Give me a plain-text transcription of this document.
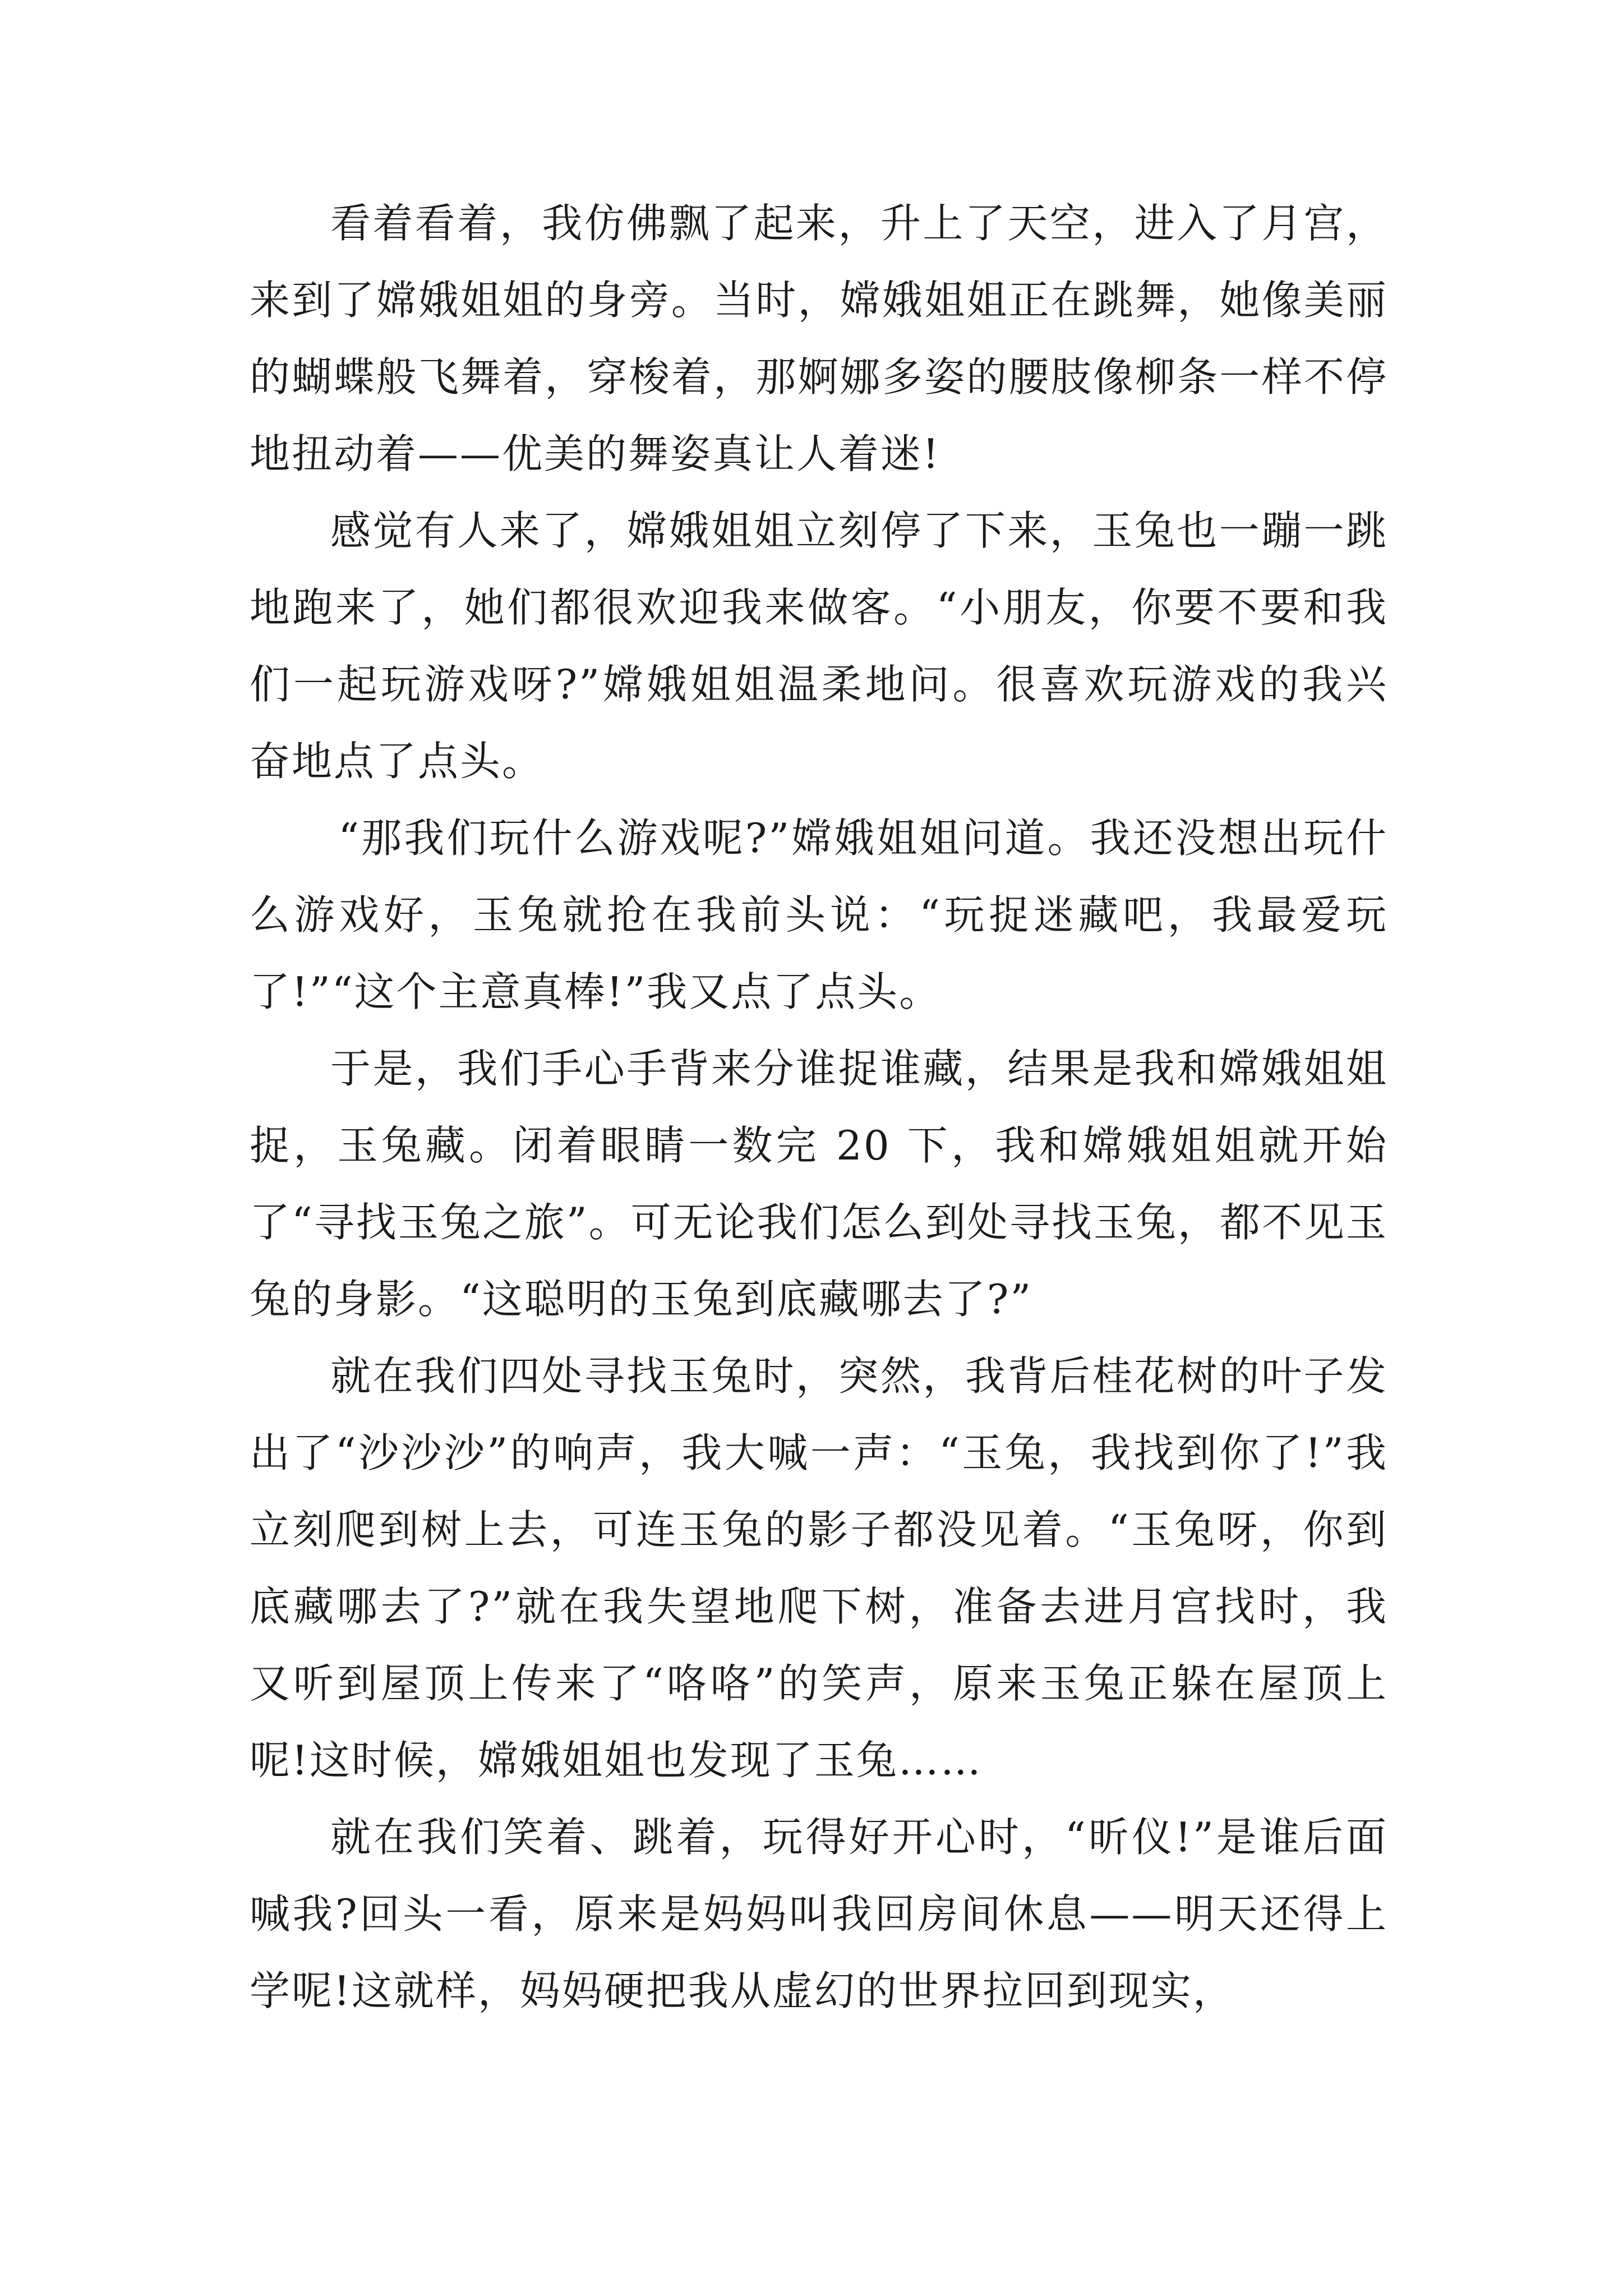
看着看着，我仿佛飘了起来，升上了天空，进入了月宫，来到了嫦娥姐姐的身旁。当时，嫦娥姐姐正在跳舞，她像美丽的蝴蝶般飞舞着，穿梭着，那婀娜多姿的腰肢像柳条一样不停地扭动着——优美的舞姿真让人着迷!

感觉有人来了，嫦娥姐姐立刻停了下来，玉兔也一蹦一跳地跑来了，她们都很欢迎我来做客。“小朋友，你要不要和我们一起玩游戏呀?”嫦娥姐姐温柔地问。很喜欢玩游戏的我兴奋地点了点头。

“那我们玩什么游戏呢?”嫦娥姐姐问道。我还没想出玩什么游戏好，玉兔就抢在我前头说：“玩捉迷藏吧，我最爱玩了!”“这个主意真棒!”我又点了点头。

于是，我们手心手背来分谁捉谁藏，结果是我和嫦娥姐姐捉，玉兔藏。闭着眼睛一数完 20 下，我和嫦娥姐姐就开始了“寻找玉兔之旅”。可无论我们怎么到处寻找玉兔，都不见玉兔的身影。“这聪明的玉兔到底藏哪去了?”

就在我们四处寻找玉兔时，突然，我背后桂花树的叶子发出了“沙沙沙”的响声，我大喊一声：“玉兔，我找到你了!”我立刻爬到树上去，可连玉兔的影子都没见着。“玉兔呀，你到底藏哪去了?”就在我失望地爬下树，准备去进月宫找时，我又听到屋顶上传来了“咯咯”的笑声，原来玉兔正躲在屋顶上呢!这时候，嫦娥姐姐也发现了玉兔……

就在我们笑着、跳着，玩得好开心时，“昕仪!”是谁后面喊我?回头一看，原来是妈妈叫我回房间休息——明天还得上学呢!这就样，妈妈硬把我从虚幻的世界拉回到现实，
